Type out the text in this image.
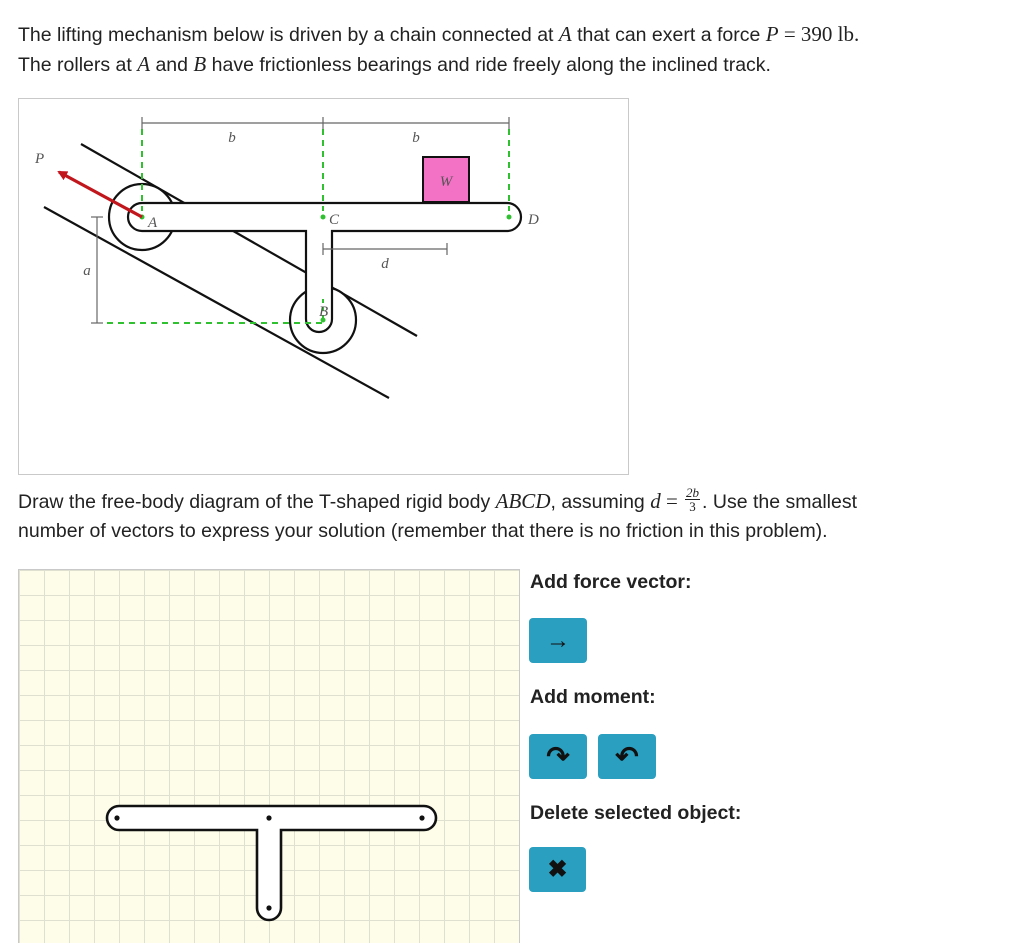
The lifting mechanism below is driven by a chain connected at A that can exert a force P = 390 lb.
The rollers at A and B have frictionless bearings and ride freely along the inclined track.

W
b	b
a	d
A	C	D
B
P

Draw the free-body diagram of the T-shaped rigid body ABCD, assuming $d = \frac{2b}{3}$ . Use the smallest
number of vectors to express your solution (remember that there is no friction in this problem).

Add force vector:
→
Add moment:
↷ ↶
Delete selected object:
✖
